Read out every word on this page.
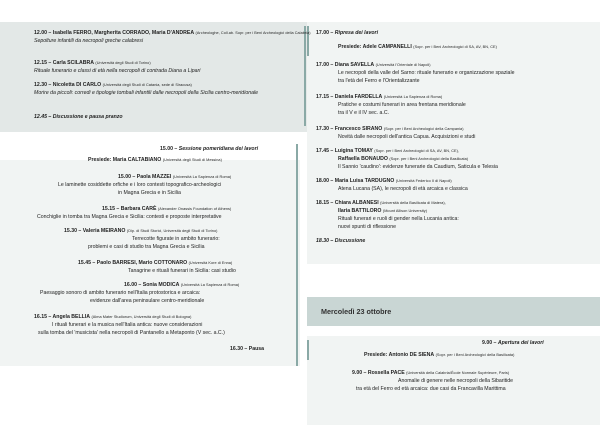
Mercoledì 23 ottobre
12.00 – Isabella FERRO, Margherita CORRADO, Maria D'ANDREA (Archeologhe, Coll.ab. Sopr. per i Beni Archeologici della Calabria)
Sepolture infantili da necropoli greche calabresi
12.15 – Carla SCILABRA (Università degli Studi di Torino)
Rituale funerario e classi di età nella necropoli di contrada Diana a Lipari
12.30 – Nicoletta DI CARLO (Università degli Studi di Catania, sede di Siracusa)
Morire da piccoli: corredi e tipologie tombali infantili dalle necropoli della Sicilia centro-meridionale
12.45 – Discussione e pausa pranzo
15.00 – Sessione pomeridiana dei lavori
Presiede: Maria CALTABIANO (Università degli Studi di Messina)
15.00 – Paola MAZZEI (Università La Sapienza di Roma)
Le laminette cosiddette orfiche e i loro contesti topografico-archeologici
in Magna Grecia e in Sicilia
15.15 – Barbara CARÈ (Alexander Onassis Foundation of Athens)
Conchiglie in tomba tra Magna Grecia e Sicilia: contesti e proposte interpretative
15.30 – Valeria MEIRANO (Dip. di Studi Storici, Università degli Studi di Torino)
Terrecotte figurate in ambito funerario:
problemi e casi di studio tra Magna Grecia e Sicilia
15.45 – Paolo BARRESI, Mario COTTONARO (Università Kore di Enna)
Tanagrine e rituali funerari in Sicilia: casi studio
16.00 – Sonia MODICA (Università La Sapienza di Roma)
Paesaggio sonoro di ambito funerario nell'Italia protostorica e arcaica:
evidenze dall'area peninsulare centro-meridionale
16.15 – Angela BELLIA (Alma Mater Studiorum, Università degli Studi di Bologna)
I rituali funerari e la musica nell'Italia antica: nuove considerazioni
sulla tomba del 'musicista' nella necropoli di Pantanello a Metaponto (V sec. a.C.)
16.30 – Pausa
17.00 – Ripresa dei lavori
Presiede: Adele CAMPANELLI (Sopr. per i Beni Archeologici di SA, AV, BN, CE)
17.00 – Diana SAVELLA (Università l'Orientale di Napoli)
Le necropoli della valle del Sarno: rituale funerario e organizzazione spaziale
tra l'età del Ferro e l'Orientalizzante
17.15 – Daniela FARDELLA (Università La Sapienza di Roma)
Pratiche e costumi funerari in area frentana meridionale
tra il V e il IV sec. a.C.
17.30 – Francesco SIRANO (Sopr. per i Beni Archeologici della Campania)
Novità dalle necropoli dell'antica Capua. Acquisizioni e studi
17.45 – Luigina TOMAY (Sopr. per i Beni Archeologici di SA, AV, BN, CE),
Raffaella BONAUDO (Sopr. per i Beni Archeologici della Basilicata)
Il Sannio 'caudino': evidenze funerarie da Caudium, Saticula e Telesia
18.00 – Maria Luisa TARDUGNO (Università Federico II di Napoli)
Atena Lucana (SA), le necropoli di età arcaica e classica
18.15 – Chiara ALBANESI (Università della Basilicata di Matera),
Ilaria BATTILORO (Mount Allison University)
Rituali funerari e ruoli di gender nella Lucania antica:
nuovi spunti di riflessione
18.30 – Discussione
9.00 – Apertura dei lavori
Presiede: Antonio DE SIENA (Sopr. per i Beni Archeologici della Basilicata)
9.00 – Rossella PACE (Università della Calabria/École Normale Supérieure, Paris)
Anomalie di genere nelle necropoli della Sibaritide
tra età del Ferro ed età arcaica: due casi da Francavilla Marittima
